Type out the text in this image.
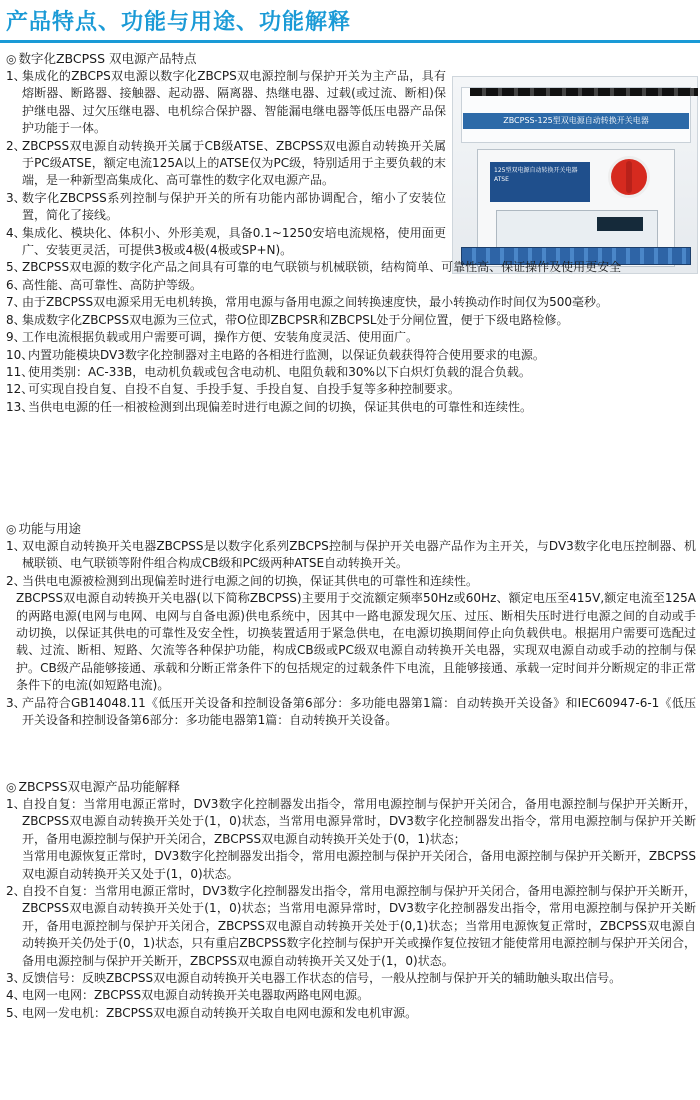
产品特点、功能与用途、功能解释
ZBCPSS-125型双电源自动转换开关电器
125型双电源自动转换开关电器 ATSE
◎ 数字化ZBCPSS 双电源产品特点
1、
集成化的ZBCPS双电源以数字化ZBCPS双电源控制与保护开关为主产品，具有熔断器、断路器、接触器、起动器、隔离器、热继电器、过载(或过流、断相)保护继电器、过欠压继电器、电机综合保护器、智能漏电继电器等低压电器产品保护功能于一体。
2、
ZBCPSS双电源自动转换开关属于CB级ATSE、ZBCPSS双电源自动转换开关属于PC级ATSE，额定电流125A以上的ATSE仅为PC级，特别适用于主要负载的末端，是一种新型高集成化、高可靠性的数字化双电源产品。
3、
数字化ZBCPSS系列控制与保护开关的所有功能内部协调配合，缩小了安装位置，简化了接线。
4、
集成化、模块化、体积小、外形美观，具备0.1~1250安培电流规格，使用面更广、安装更灵活，可提供3极或4极(4极或SP+N)。
5、
ZBCPSS双电源的数字化产品之间具有可靠的电气联锁与机械联锁，结构简单、可靠性高、保证操作及使用更安全
6、
高性能、高可靠性、高防护等级。
7、
由于ZBCPSS双电源采用无电机转换，常用电源与备用电源之间转换速度快，最小转换动作时间仅为500毫秒。
8、
集成数字化ZBCPSS双电源为三位式，带O位即ZBCPSR和ZBCPSL处于分闸位置，便于下级电路检修。
9、
工作电流根据负载或用户需要可调，操作方便、安装角度灵活、使用面广。
10、
内置功能模块DV3数字化控制器对主电路的各相进行监测，以保证负载获得符合使用要求的电源。
11、
使用类别：AC-33B，电动机负载或包含电动机、电阻负载和30%以下白炽灯负载的混合负载。
12、
可实现自投自复、自投不自复、手投手复、手投自复、自投手复等多种控制要求。
13、
当供电电源的任一相被检测到出现偏差时进行电源之间的切换，保证其供电的可靠性和连续性。
◎ 功能与用途
1、
双电源自动转换开关电器ZBCPSS是以数字化系列ZBCPS控制与保护开关电器产品作为主开关，与DV3数字化电压控制器、机械联锁、电气联锁等附件组合构成CB级和PC级两种ATSE自动转换开关。
2、
当供电电源被检测到出现偏差时进行电源之间的切换，保证其供电的可靠性和连续性。
ZBCPSS双电源自动转换开关电器(以下简称ZBCPSS)主要用于交流额定频率50Hz或60Hz、额定电压至415V,额定电流至125A的两路电源(电网与电网、电网与自备电源)供电系统中，因其中一路电源发现欠压、过压、断相失压时进行电源之间的自动或手动切换，以保证其供电的可靠性及安全性，切换装置适用于紧急供电，在电源切换期间停止向负载供电。根据用户需要可选配过载、过流、断相、短路、欠流等各种保护功能，构成CB级或PC级双电源自动转换开关电器，实现双电源自动或手动的控制与保护。CB级产品能够接通、承载和分断正常条件下的包括规定的过载条件下电流，且能够接通、承载一定时间并分断规定的非正常条件下的电流(如短路电流)。
3、
产品符合GB14048.11《低压开关设备和控制设备第6部分：多功能电器第1篇：自动转换开关设备》和IEC60947-6-1《低压开关设备和控制设备第6部分：多功能电器第1篇：自动转换开关设备。
◎ ZBCPSS双电源产品功能解释
1、
自投自复：当常用电源正常时，DV3数字化控制器发出指令，常用电源控制与保护开关闭合，备用电源控制与保护开关断开，ZBCPSS双电源自动转换开关处于(1，0)状态，当常用电源异常时，DV3数字化控制器发出指令，常用电源控制与保护开关断开，备用电源控制与保护开关闭合，ZBCPSS双电源自动转换开关处于(0，1)状态；
当常用电源恢复正常时，DV3数字化控制器发出指令，常用电源控制与保护开关闭合，备用电源控制与保护开关断开，ZBCPSS双电源自动转换开关又处于(1，0)状态。
2、
自投不自复：当常用电源正常时，DV3数字化控制器发出指令，常用电源控制与保护开关闭合，备用电源控制与保护开关断开，ZBCPSS双电源自动转换开关处于(1，0)状态；当常用电源异常时，DV3数字化控制器发出指令，常用电源控制与保护开关断开，备用电源控制与保护开关闭合，ZBCPSS双电源自动转换开关处于(0,1)状态；当常用电源恢复正常时，ZBCPSS双电源自动转换开关仍处于(0，1)状态，只有重启ZBCPSS数字化控制与保护开关或操作复位按钮才能使常用电源控制与保护开关闭合，备用电源控制与保护开关断开，ZBCPSS双电源自动转换开关又处于(1，0)状态。
3、
反馈信号：反映ZBCPSS双电源自动转换开关电器工作状态的信号，一般从控制与保护开关的辅助触头取出信号。
4、
电网一电网：ZBCPSS双电源自动转换开关电器取两路电网电源。
5、
电网一发电机：ZBCPSS双电源自动转换开关取自电网电源和发电机审源。
